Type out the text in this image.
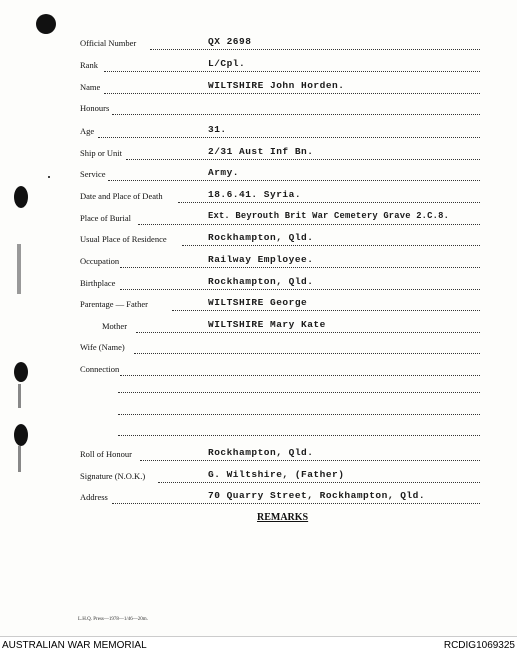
Official Number	QX 2698
Rank	L/Cpl.
Name	WILTSHIRE John Horden.
Honours
Age	31.
Ship or Unit	2/31 Aust Inf Bn.
Service	Army.
Date and Place of Death	18.6.41. Syria.
Place of Burial	Ext. Beyrouth Brit War Cemetery Grave 2.C.8.
Usual Place of Residence	Rockhampton, Qld.
Occupation	Railway Employee.
Birthplace	Rockhampton, Qld.
Parentage — Father	WILTSHIRE George
Mother	WILTSHIRE Mary Kate
Wife (Name)
Connection
Roll of Honour	Rockhampton, Qld.
Signature (N.O.K.)	G. Wiltshire, (Father)
Address	70 Quarry Street, Rockhampton, Qld.
REMARKS
L.H.Q. Press—1978—1/46—20m.
AUSTRALIAN WAR MEMORIAL	RCDIG1069325
